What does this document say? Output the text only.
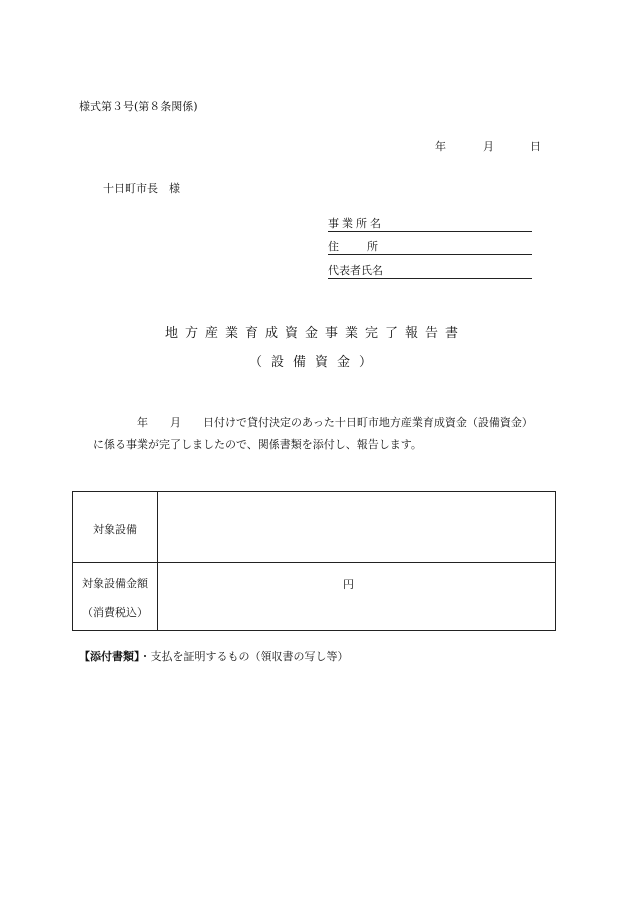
様式第３号(第８条関係)
年	月	日
十日町市長　様
事業所名
住所
代表者氏名
地方産業育成資金事業完了報告書
（設備資金）
年　　月　　日付けで貸付決定のあった十日町市地方産業育成資金（設備資金）
に係る事業が完了しましたので、関係書類を添付し、報告します。
対象設備
対象設備金額
（消費税込）
円
【添付書類】・支払を証明するもの（領収書の写し等）
